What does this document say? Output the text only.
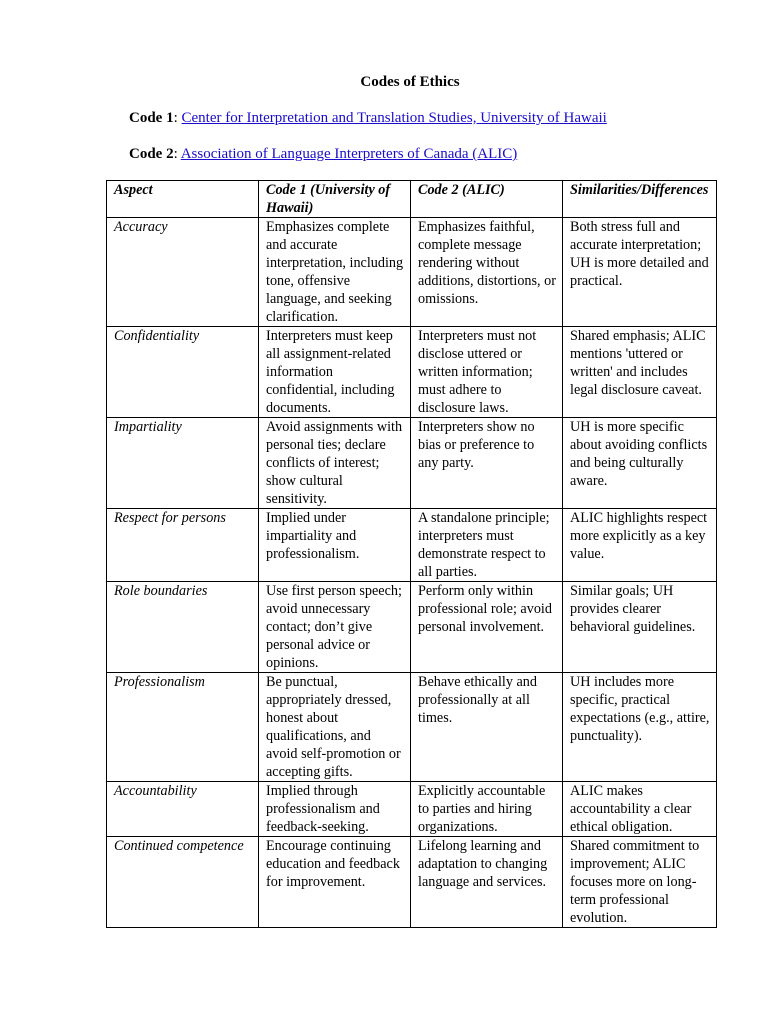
Codes of Ethics
Code 1: Center for Interpretation and Translation Studies, University of Hawaii
Code 2: Association of Language Interpreters of Canada (ALIC)
Aspect	Code 1 (University of Hawaii)	Code 2 (ALIC)	Similarities/Differences
Accuracy	Emphasizes complete and accurate interpretation, including tone, offensive language, and seeking clarification.	Emphasizes faithful, complete message rendering without additions, distortions, or omissions.	Both stress full and accurate interpretation; UH is more detailed and practical.
Confidentiality	Interpreters must keep all assignment-related information confidential, including documents.	Interpreters must not disclose uttered or written information; must adhere to disclosure laws.	Shared emphasis; ALIC mentions 'uttered or written' and includes legal disclosure caveat.
Impartiality	Avoid assignments with personal ties; declare conflicts of interest; show cultural sensitivity.	Interpreters show no bias or preference to any party.	UH is more specific about avoiding conflicts and being culturally aware.
Respect for persons	Implied under impartiality and professionalism.	A standalone principle; interpreters must demonstrate respect to all parties.	ALIC highlights respect more explicitly as a key value.
Role boundaries	Use first person speech; avoid unnecessary contact; don’t give personal advice or opinions.	Perform only within professional role; avoid personal involvement.	Similar goals; UH provides clearer behavioral guidelines.
Professionalism	Be punctual, appropriately dressed, honest about qualifications, and avoid self-promotion or accepting gifts.	Behave ethically and professionally at all times.	UH includes more specific, practical expectations (e.g., attire, punctuality).
Accountability	Implied through professionalism and feedback-seeking.	Explicitly accountable to parties and hiring organizations.	ALIC makes accountability a clear ethical obligation.
Continued competence	Encourage continuing education and feedback for improvement.	Lifelong learning and adaptation to changing language and services.	Shared commitment to improvement; ALIC focuses more on long-term professional evolution.
